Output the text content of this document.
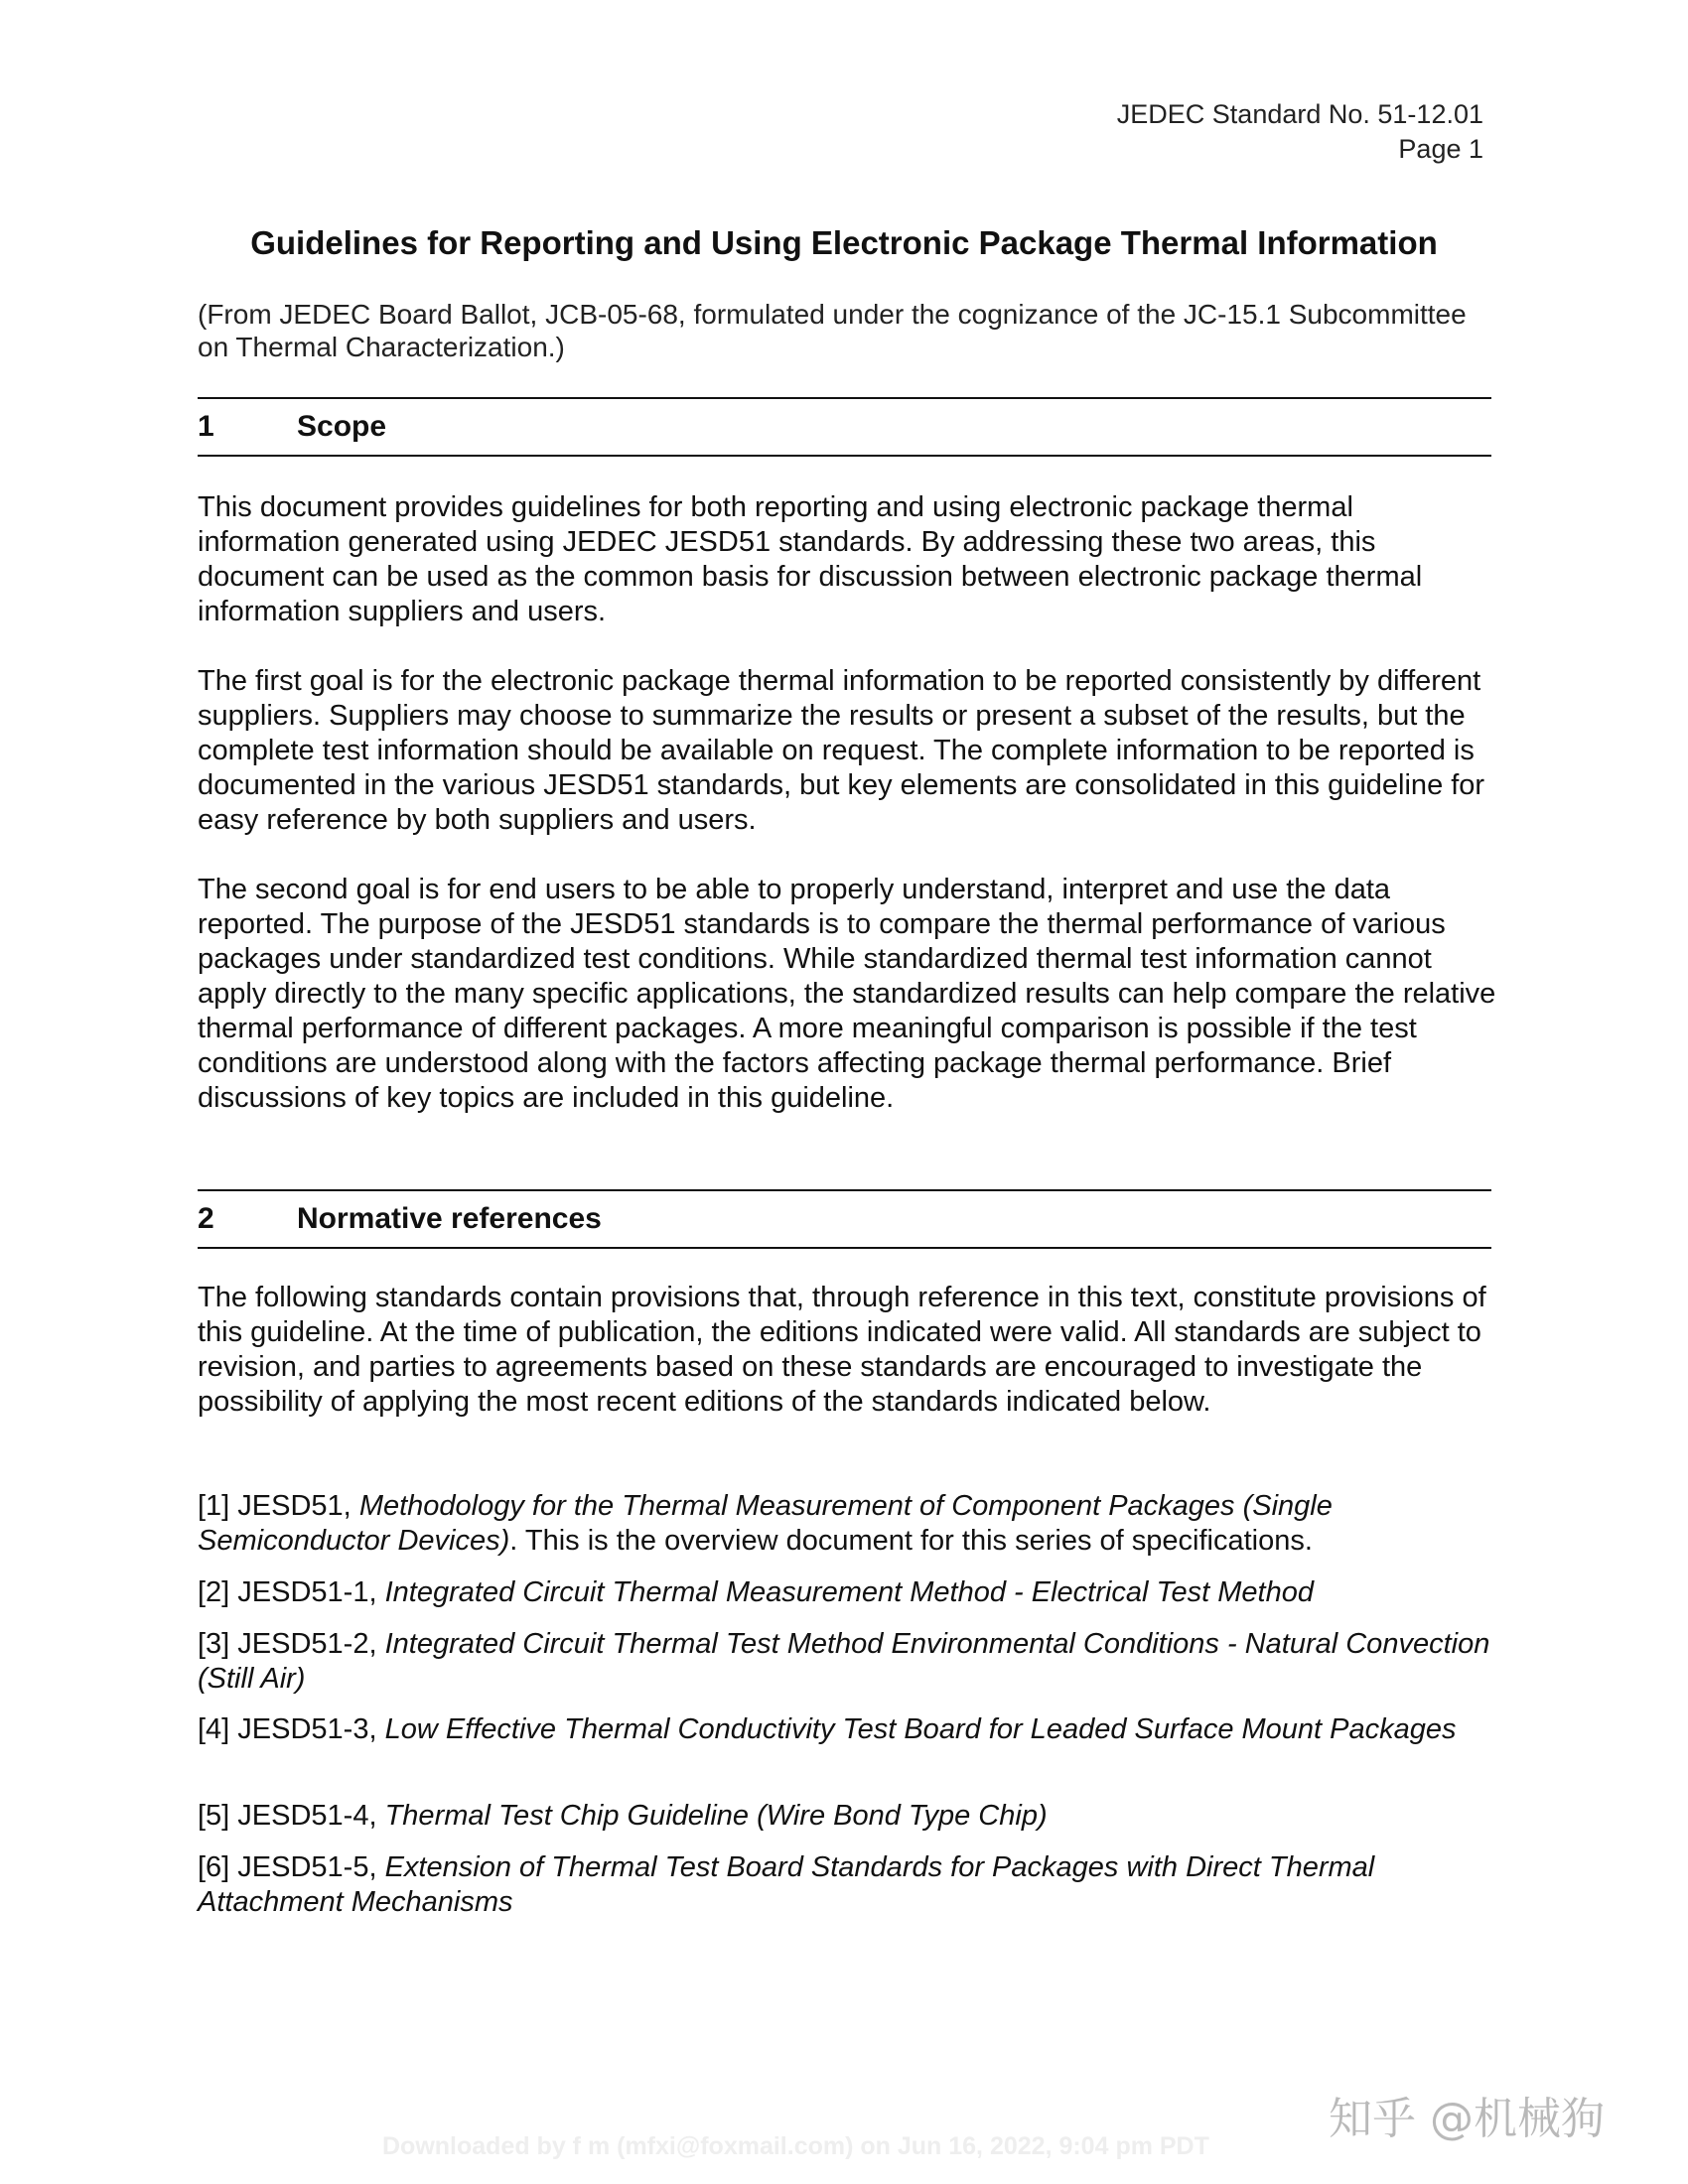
JEDEC Standard No. 51-12.01
Page 1
Guidelines for Reporting and Using Electronic Package Thermal Information
(From JEDEC Board Ballot, JCB-05-68, formulated under the cognizance of the JC-15.1 Subcommittee on Thermal Characterization.)
1	Scope
This document provides guidelines for both reporting and using electronic package thermal information generated using JEDEC JESD51 standards. By addressing these two areas, this document can be used as the common basis for discussion between electronic package thermal information suppliers and users.
The first goal is for the electronic package thermal information to be reported consistently by different suppliers. Suppliers may choose to summarize the results or present a subset of the results, but the complete test information should be available on request. The complete information to be reported is documented in the various JESD51 standards, but key elements are consolidated in this guideline for easy reference by both suppliers and users.
The second goal is for end users to be able to properly understand, interpret and use the data reported. The purpose of the JESD51 standards is to compare the thermal performance of various packages under standardized test conditions. While standardized thermal test information cannot apply directly to the many specific applications, the standardized results can help compare the relative thermal performance of different packages. A more meaningful comparison is possible if the test conditions are understood along with the factors affecting package thermal performance. Brief discussions of key topics are included in this guideline.
2	Normative references
The following standards contain provisions that, through reference in this text, constitute provisions of this guideline. At the time of publication, the editions indicated were valid. All standards are subject to revision, and parties to agreements based on these standards are encouraged to investigate the possibility of applying the most recent editions of the standards indicated below.
[1] JESD51, Methodology for the Thermal Measurement of Component Packages (Single Semiconductor Devices). This is the overview document for this series of specifications.
[2] JESD51-1, Integrated Circuit Thermal Measurement Method - Electrical Test Method
[3] JESD51-2, Integrated Circuit Thermal Test Method Environmental Conditions - Natural Convection (Still Air)
[4] JESD51-3, Low Effective Thermal Conductivity Test Board for Leaded Surface Mount Packages
[5] JESD51-4, Thermal Test Chip Guideline (Wire Bond Type Chip)
[6] JESD51-5, Extension of Thermal Test Board Standards for Packages with Direct Thermal Attachment Mechanisms
Downloaded by f m (mfxi@foxmail.com) on Jun 16, 2022, 9:04 pm PDT
知乎 @机械狗
